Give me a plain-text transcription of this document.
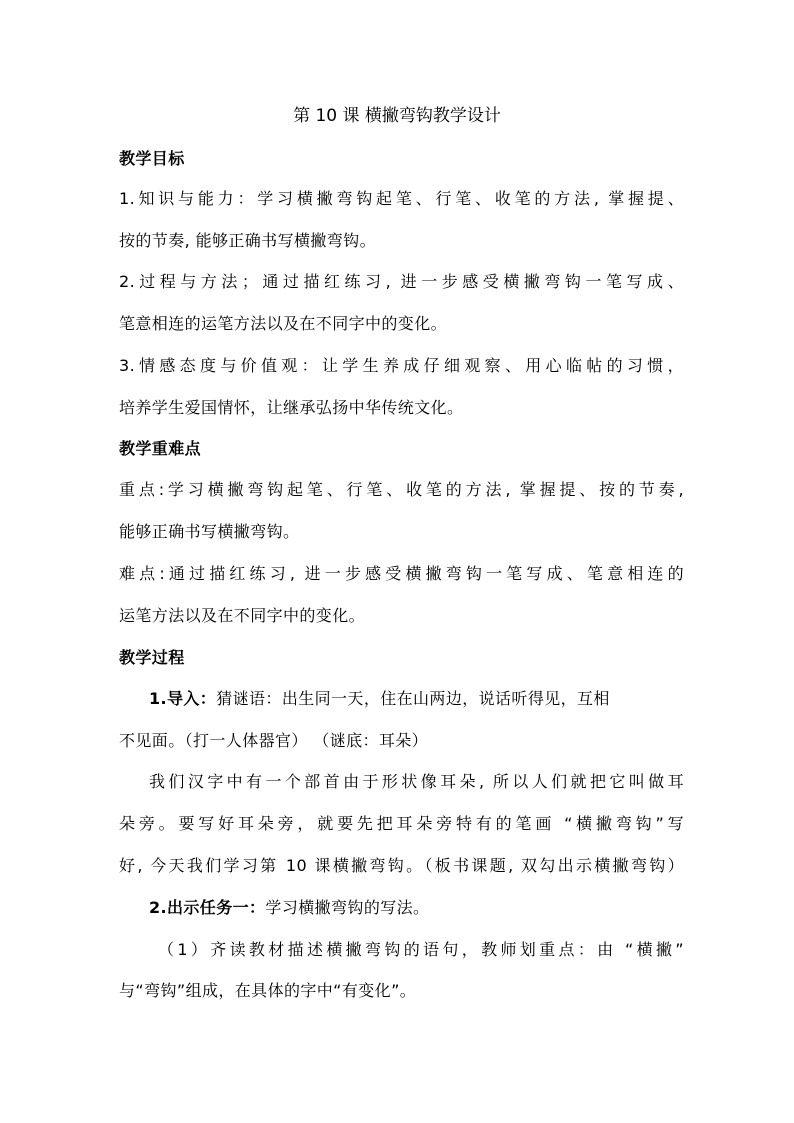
第 10 课 横撇弯钩教学设计
教学目标
1.知识与能力：学习横撇弯钩起笔、行笔、收笔的方法, 掌握提、
按的节奏, 能够正确书写横撇弯钩。
2.过程与方法；通过描红练习, 进一步感受横撇弯钩一笔写成、
笔意相连的运笔方法以及在不同字中的变化。
3.情感态度与价值观：让学生养成仔细观察、用心临帖的习惯，
培养学生爱国情怀，让继承弘扬中华传统文化。
教学重难点
重点:学习横撇弯钩起笔、行笔、收笔的方法, 掌握提、按的节奏,
能够正确书写横撇弯钩。
难点:通过描红练习, 进一步感受横撇弯钩一笔写成、笔意相连的
运笔方法以及在不同字中的变化。
教学过程
1.导入：猜谜语：出生同一天，住在山两边，说话听得见，互相
不见面。（打一人体器官） （谜底：耳朵）
我们汉字中有一个部首由于形状像耳朵, 所以人们就把它叫做耳
朵旁。要写好耳朵旁，就要先把耳朵旁特有的笔画 “横撇弯钩”写
好, 今天我们学习第 10 课横撇弯钩。（板书课题, 双勾出示横撇弯钩）
2.出示任务一：学习横撇弯钩的写法。
（1）齐读教材描述横撇弯钩的语句，教师划重点：由 “横撇”
与“弯钩”组成，在具体的字中“有变化”。
